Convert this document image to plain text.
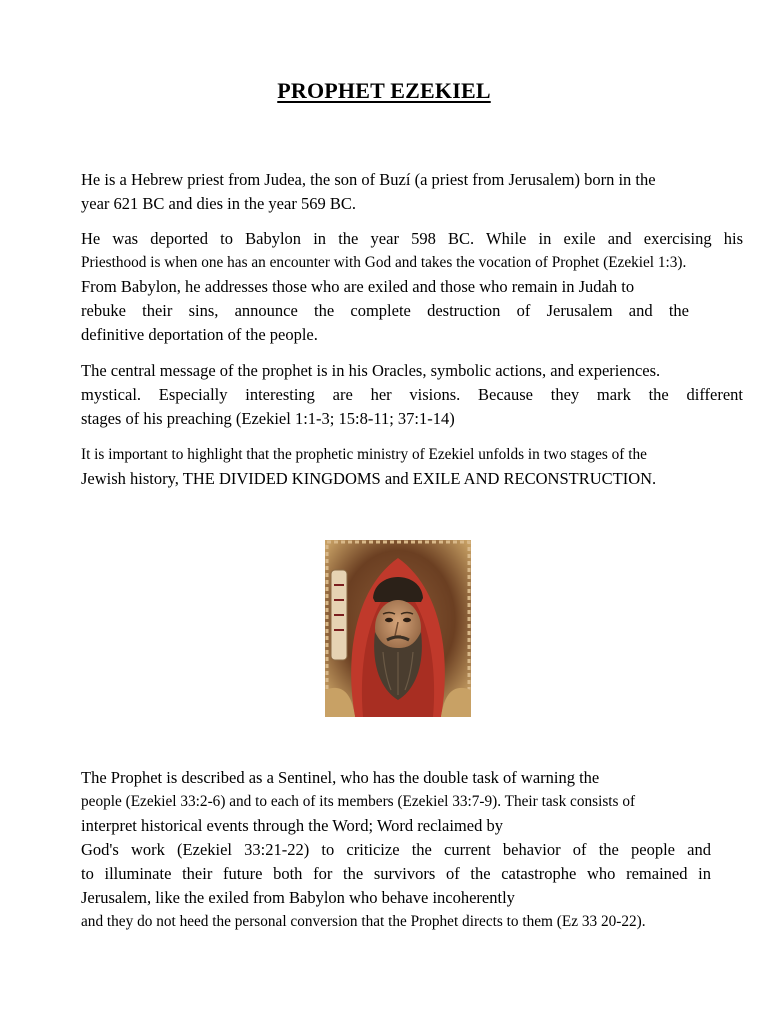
PROPHET EZEKIEL
He is a Hebrew priest from Judea, the son of Buzí (a priest from Jerusalem) born in the
year 621 BC and dies in the year 569 BC.
He was deported to Babylon in the year 598 BC. While in exile and exercising his
Priesthood is when one has an encounter with God and takes the vocation of Prophet (Ezekiel 1:3).
From Babylon, he addresses those who are exiled and those who remain in Judah to
rebuke their sins, announce the complete destruction of Jerusalem and the
definitive deportation of the people.
The central message of the prophet is in his Oracles, symbolic actions, and experiences.
mystical. Especially interesting are her visions. Because they mark the different
stages of his preaching (Ezekiel 1:1-3; 15:8-11; 37:1-14)
It is important to highlight that the prophetic ministry of Ezekiel unfolds in two stages of the
Jewish history, THE DIVIDED KINGDOMS and EXILE AND RECONSTRUCTION.
The Prophet is described as a Sentinel, who has the double task of warning the
people (Ezekiel 33:2-6) and to each of its members (Ezekiel 33:7-9). Their task consists of
interpret historical events through the Word; Word reclaimed by
God's work (Ezekiel 33:21-22) to criticize the current behavior of the people and
to illuminate their future both for the survivors of the catastrophe who remained in
Jerusalem, like the exiled from Babylon who behave incoherently
and they do not heed the personal conversion that the Prophet directs to them (Ez 33 20-22).
